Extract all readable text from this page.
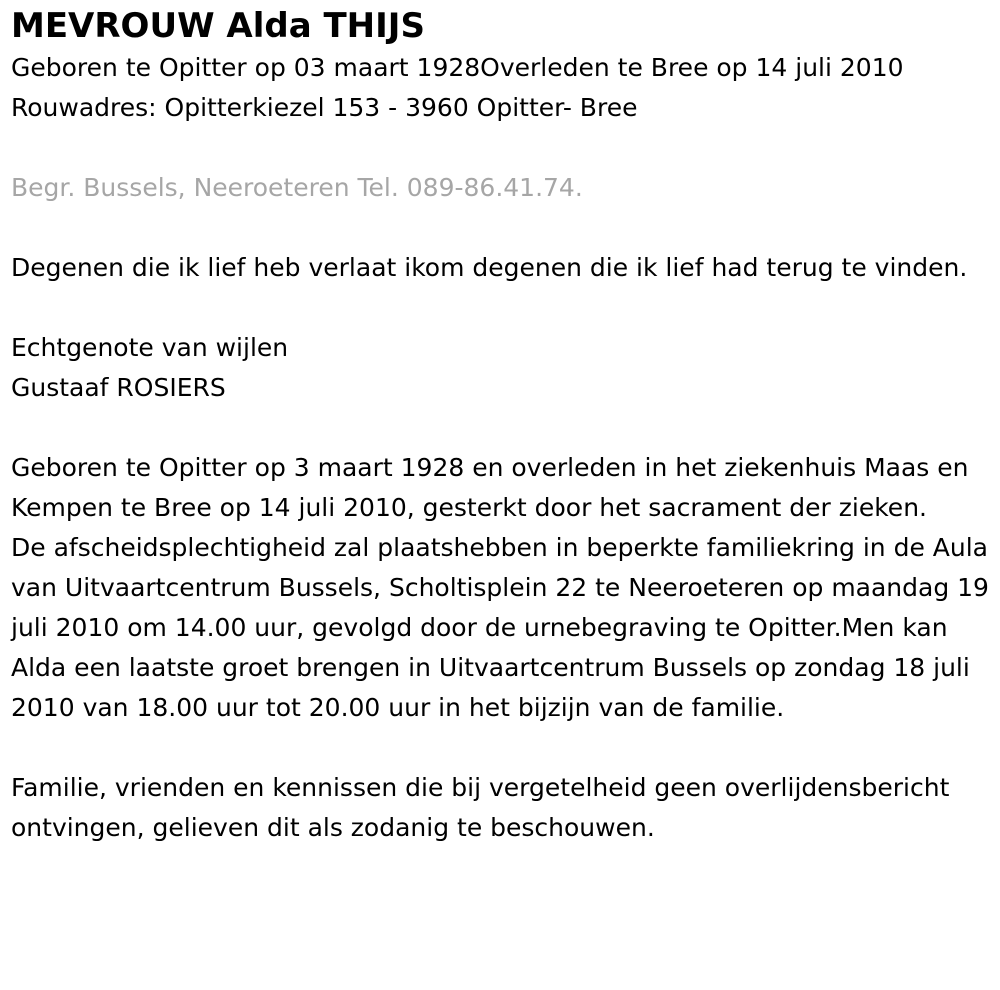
MEVROUW Alda THIJS

Geboren te Opitter op 03 maart 1928Overleden te Bree op 14 juli 2010

Rouwadres: Opitterkiezel 153 - 3960 Opitter- Bree

Begr. Bussels, Neeroeteren Tel. 089-86.41.74.

Degenen die ik lief heb verlaat ikom degenen die ik lief had terug te vinden.

Echtgenote van wijlen

Gustaaf ROSIERS

Geboren te Opitter op 3 maart 1928 en overleden in het ziekenhuis Maas en Kempen te Bree op 14 juli 2010, gesterkt door het sacrament der zieken.

De afscheidsplechtigheid zal plaatshebben in beperkte familiekring in de Aula van Uitvaartcentrum Bussels, Scholtisplein 22 te Neeroeteren op maandag 19 juli 2010 om 14.00 uur, gevolgd door de urnebegraving te Opitter.Men kan Alda een laatste groet brengen in Uitvaartcentrum Bussels op zondag 18 juli 2010 van 18.00 uur tot 20.00 uur in het bijzijn van de familie.

Familie, vrienden en kennissen die bij vergetelheid geen overlijdensbericht ontvingen, gelieven dit als zodanig te beschouwen.
